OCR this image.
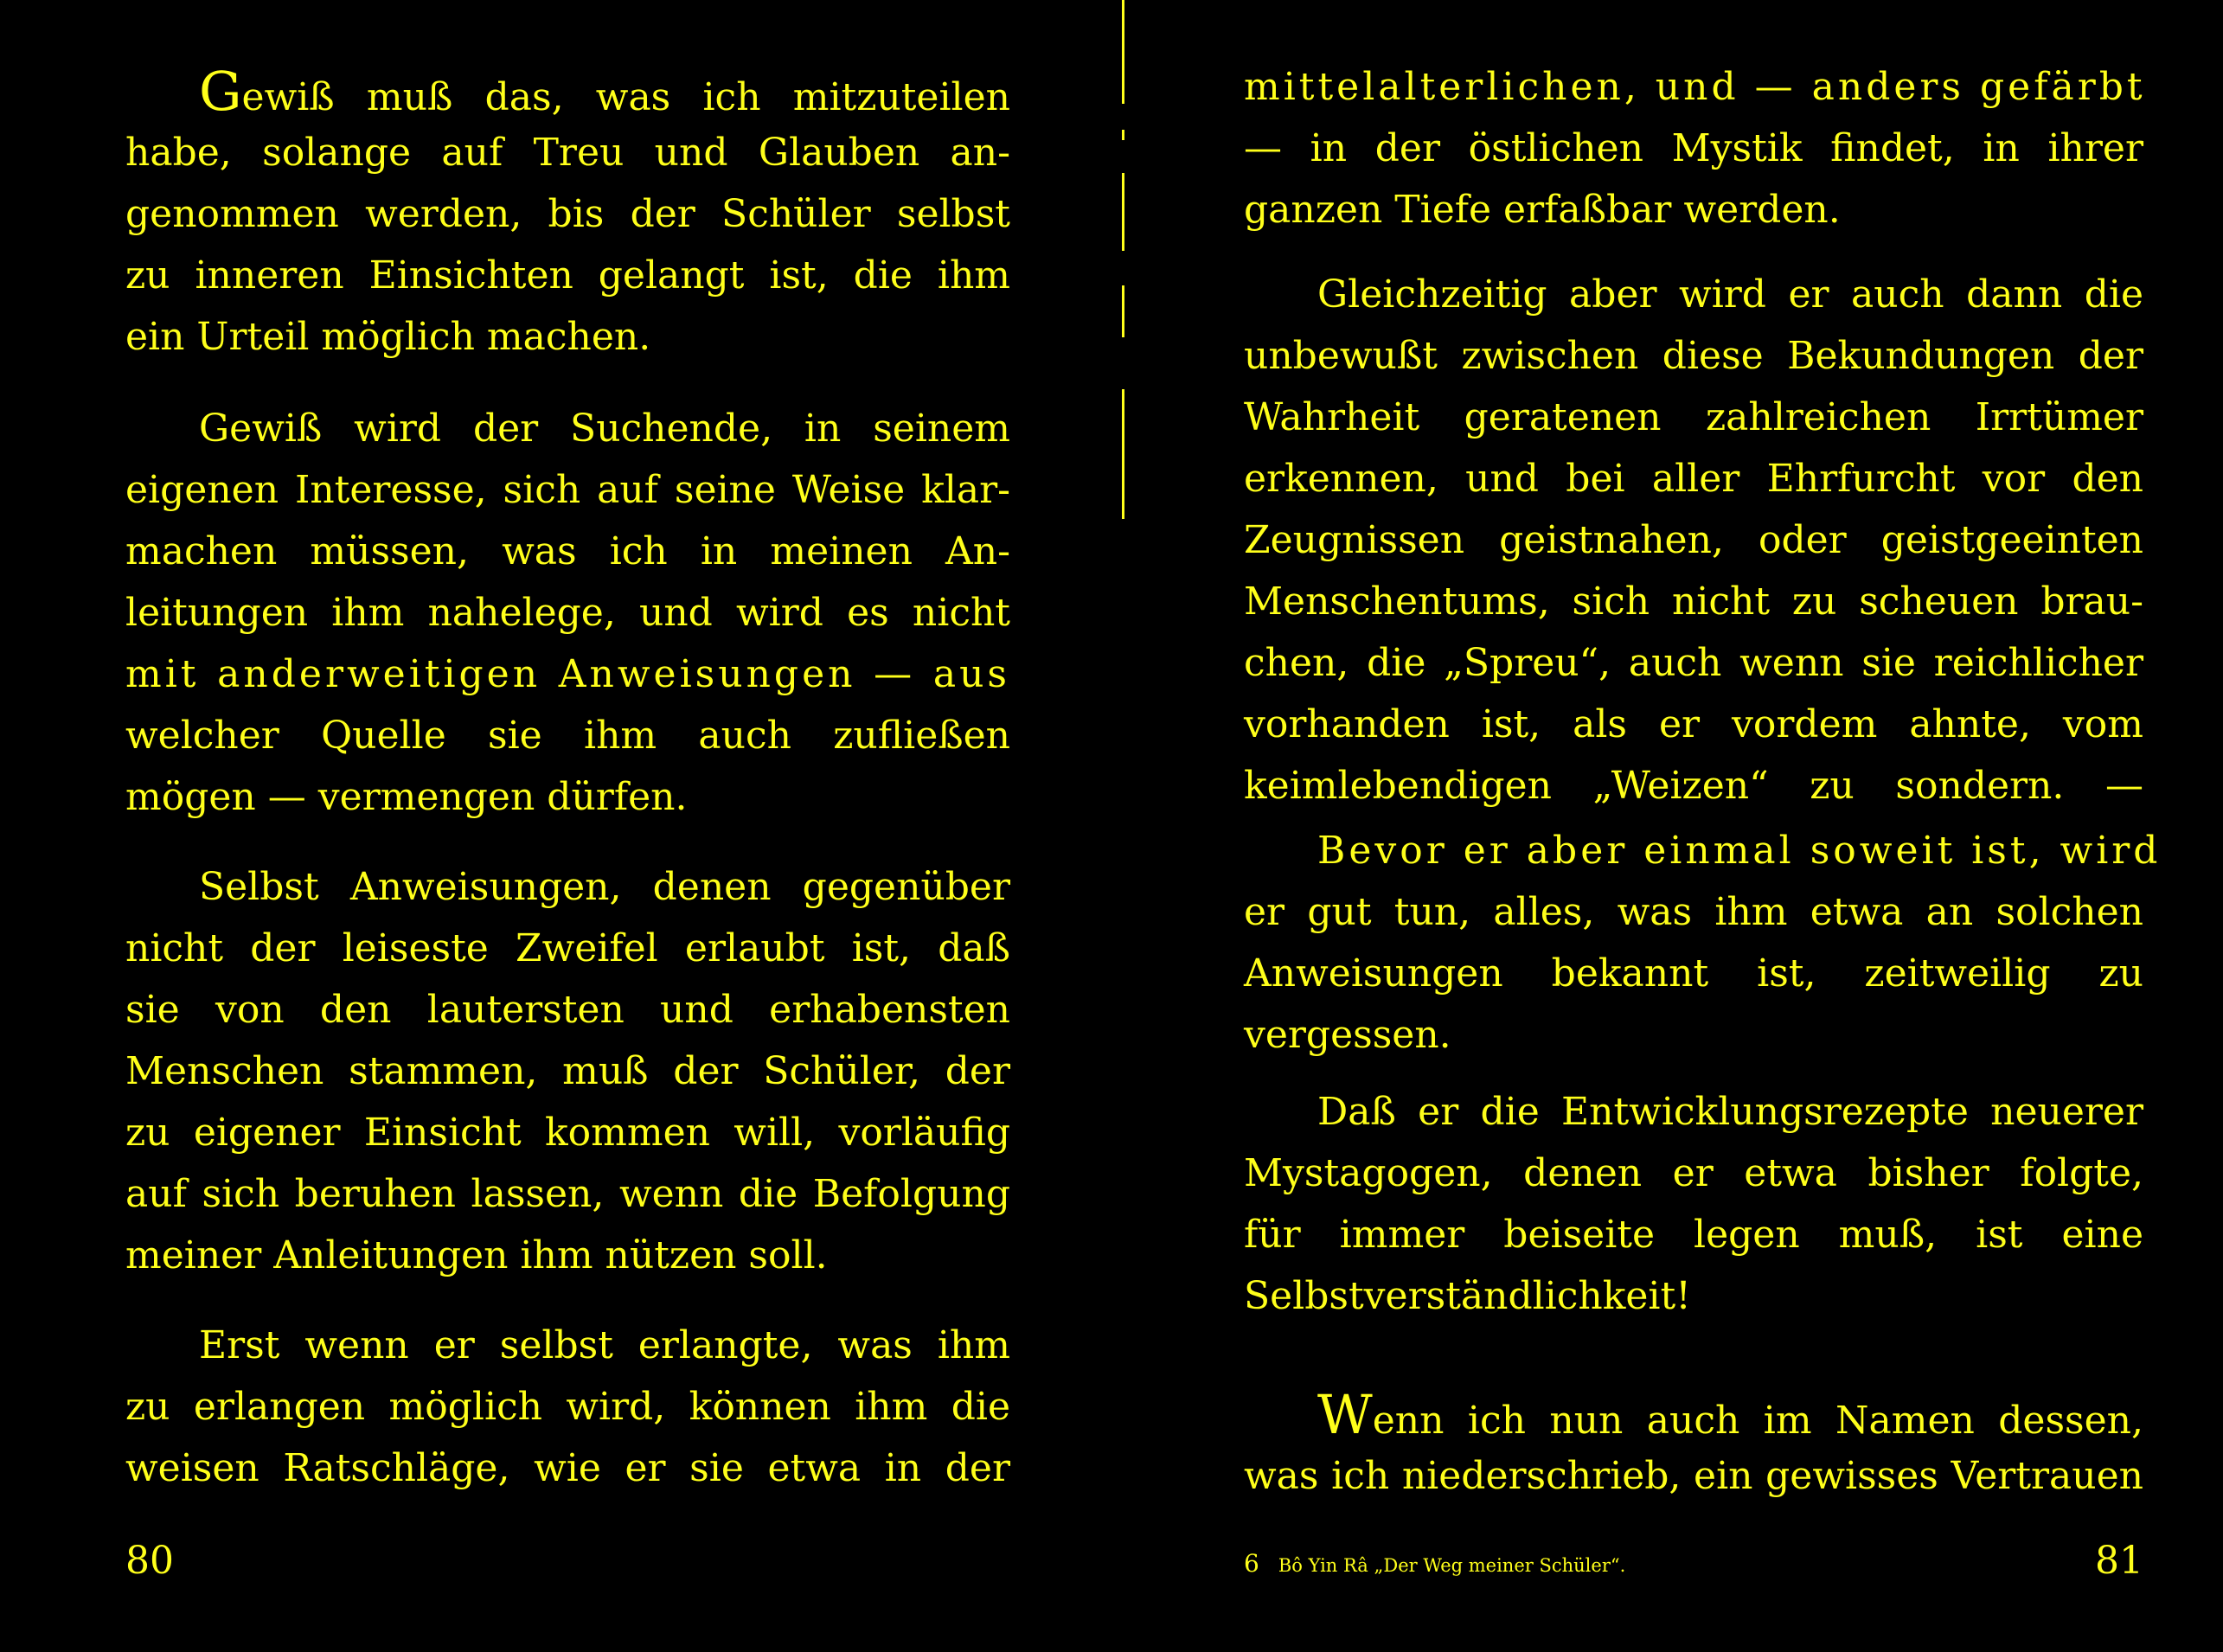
Gewiß muß das, was ich mitzuteilen
habe, solange auf Treu und Glauben an-
genommen werden, bis der Schüler selbst
zu inneren Einsichten gelangt ist, die ihm
ein Urteil möglich machen.
Gewiß wird der Suchende, in seinem
eigenen Interesse, sich auf seine Weise klar-
machen müssen, was ich in meinen An-
leitungen ihm nahelege, und wird es nicht
mit anderweitigen Anweisungen — aus
welcher Quelle sie ihm auch zufließen
mögen — vermengen dürfen.
Selbst Anweisungen, denen gegenüber
nicht der leiseste Zweifel erlaubt ist, daß
sie von den lautersten und erhabensten
Menschen stammen, muß der Schüler, der
zu eigener Einsicht kommen will, vorläufig
auf sich beruhen lassen, wenn die Befolgung
meiner Anleitungen ihm nützen soll.
Erst wenn er selbst erlangte, was ihm
zu erlangen möglich wird, können ihm die
weisen Ratschläge, wie er sie etwa in der
80
mittelalterlichen, und — anders gefärbt
— in der östlichen Mystik findet, in ihrer
ganzen Tiefe erfaßbar werden.
Gleichzeitig aber wird er auch dann die
unbewußt zwischen diese Bekundungen der
Wahrheit geratenen zahlreichen Irrtümer
erkennen, und bei aller Ehrfurcht vor den
Zeugnissen geistnahen, oder geistgeeinten
Menschentums, sich nicht zu scheuen brau-
chen, die „Spreu“, auch wenn sie reichlicher
vorhanden ist, als er vordem ahnte, vom
keimlebendigen „Weizen“ zu sondern. —
Bevor er aber einmal soweit ist, wird
er gut tun, alles, was ihm etwa an solchen
Anweisungen bekannt ist, zeitweilig zu
vergessen.
Daß er die Entwicklungsrezepte neuerer
Mystagogen, denen er etwa bisher folgte,
für immer beiseite legen muß, ist eine
Selbstverständlichkeit!
Wenn ich nun auch im Namen dessen,
was ich niederschrieb, ein gewisses Vertrauen
6 Bô Yin Râ „Der Weg meiner Schüler“.	81
